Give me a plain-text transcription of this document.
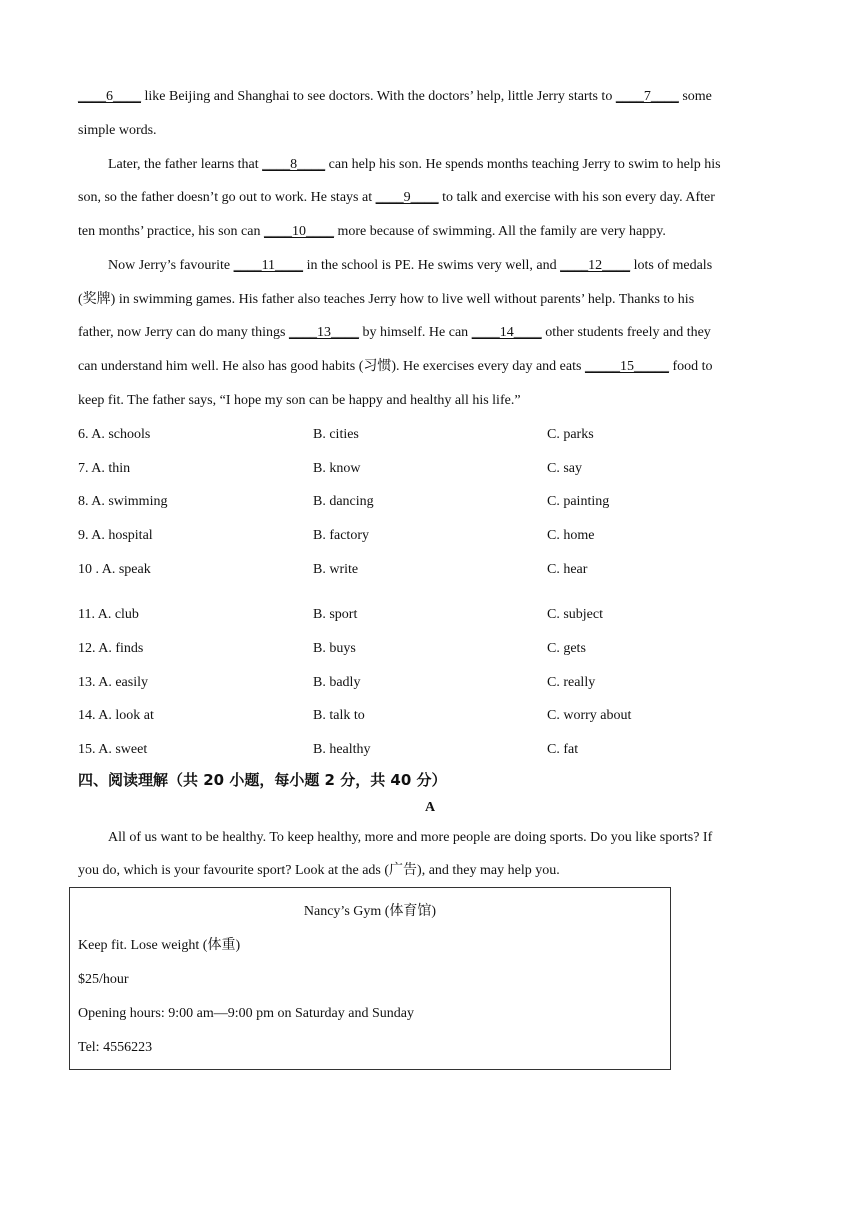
____6____ like Beijing and Shanghai to see doctors. With the doctors’ help, little Jerry starts to ____7____ some
simple words.
Later, the father learns that ____8____ can help his son. He spends months teaching Jerry to swim to help his
son, so the father doesn’t go out to work. He stays at ____9____ to talk and exercise with his son every day. After
ten months’ practice, his son can ____10____ more because of swimming. All the family are very happy.
Now Jerry’s favourite ____11____ in the school is PE. He swims very well, and ____12____ lots of medals
(奖牌) in swimming games. His father also teaches Jerry how to live well without parents’ help. Thanks to his
father, now Jerry can do many things ____13____ by himself. He can ____14____ other students freely and they
can understand him well. He also has good habits (习惯). He exercises every day and eats _____15_____ food to
keep fit. The father says, “I hope my son can be happy and healthy all his life.”
6. A. schools	B. cities	C. parks
7. A. thin	B. know	C. say
8. A. swimming	B. dancing	C. painting
9. A. hospital	B. factory	C. home
10 . A. speak	B. write	C. hear
11. A. club	B. sport	C. subject
12. A. finds	B. buys	C. gets
13. A. easily	B. badly	C. really
14. A. look at	B. talk to	C. worry about
15. A. sweet	B. healthy	C. fat
四、阅读理解（共 20 小题，每小题 2 分，共 40 分）
A
All of us want to be healthy. To keep healthy, more and more people are doing sports. Do you like sports? If
you do, which is your favourite sport? Look at the ads (广告), and they may help you.
Nancy’s Gym (体育馆)
Keep fit. Lose weight (体重)
$25/hour
Opening hours: 9:00 am—9:00 pm on Saturday and Sunday
Tel: 4556223
